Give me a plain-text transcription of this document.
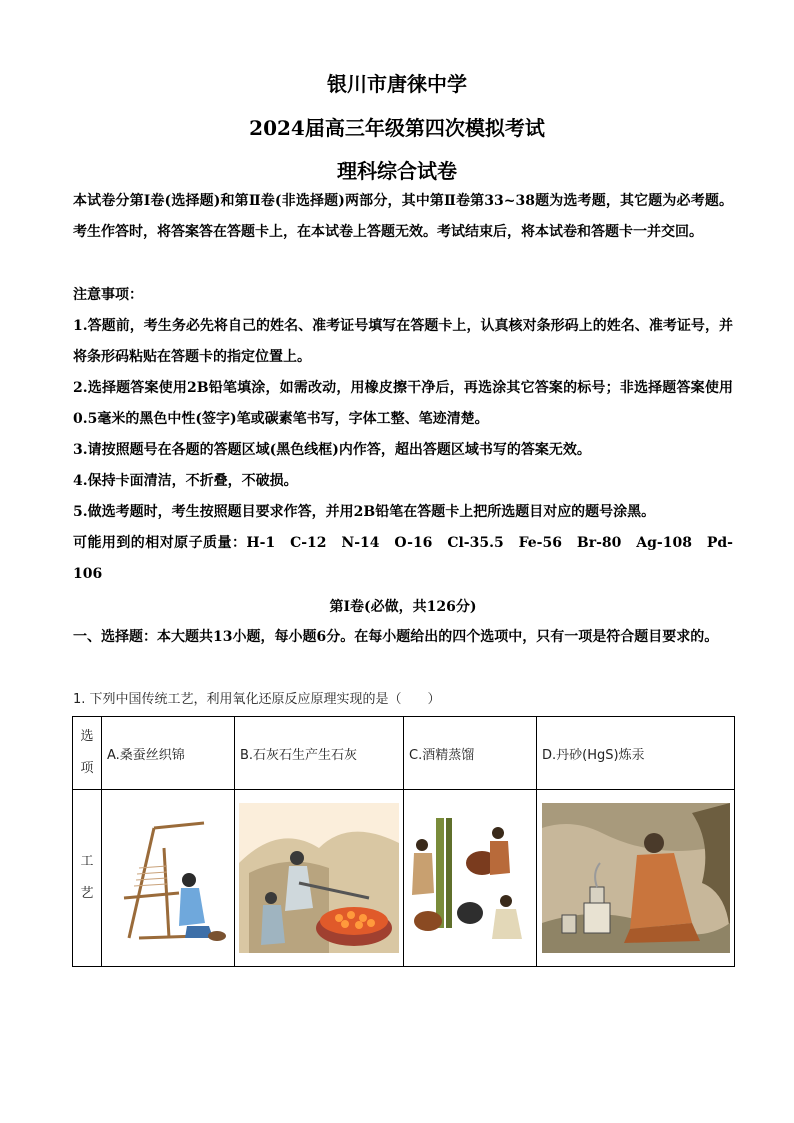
银川市唐徕中学
2024届高三年级第四次模拟考试
理科综合试卷

本试卷分第Ⅰ卷(选择题)和第Ⅱ卷(非选择题)两部分，其中第Ⅱ卷第33~38题为选考题，其它题为必考题。考生作答时，将答案答在答题卡上，在本试卷上答题无效。考试结束后，将本试卷和答题卡一并交回。

注意事项：

1.答题前，考生务必先将自己的姓名、准考证号填写在答题卡上，认真核对条形码上的姓名、准考证号，并将条形码粘贴在答题卡的指定位置上。

2.选择题答案使用2B铅笔填涂，如需改动，用橡皮擦干净后，再选涂其它答案的标号；非选择题答案使用0.5毫米的黑色中性(签字)笔或碳素笔书写，字体工整、笔迹清楚。

3.请按照题号在各题的答题区域(黑色线框)内作答，超出答题区域书写的答案无效。

4.保持卡面清洁，不折叠，不破损。

5.做选考题时，考生按照题目要求作答，并用2B铅笔在答题卡上把所选题目对应的题号涂黑。

可能用到的相对原子质量：H-1　C-12　N-14　O-16　Cl-35.5　Fe-56　Br-80　Ag-108　Pd-106

第Ⅰ卷(必做，共126分)

一、选择题：本大题共13小题，每小题6分。在每小题给出的四个选项中，只有一项是符合题目要求的。

1. 下列中国传统工艺，利用氧化还原反应原理实现的是（　　）
选项	A.桑蚕丝织锦	B.石灰石生产生石灰	C.酒精蒸馏	D.丹砂(HgS)炼汞
工艺	
